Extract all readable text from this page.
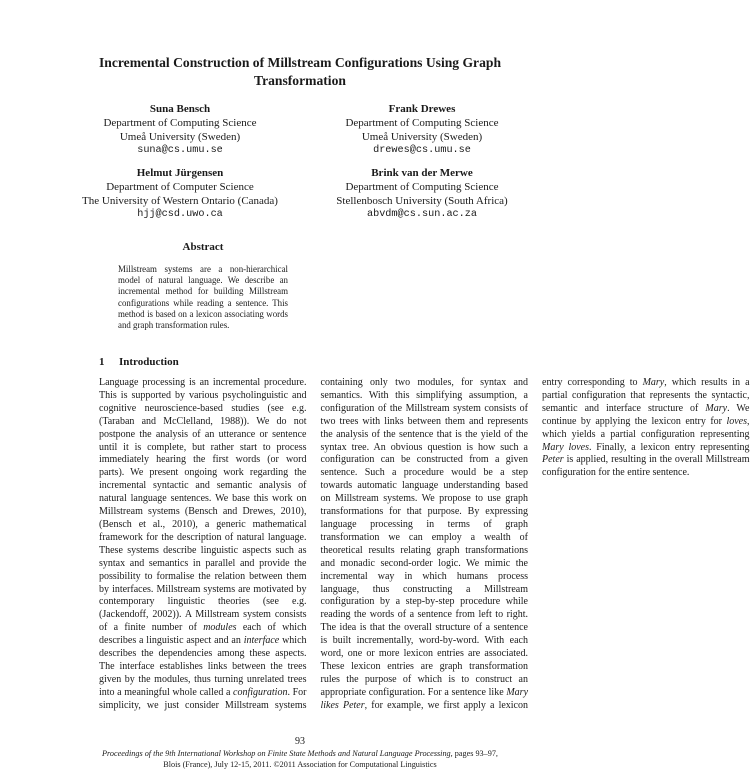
Incremental Construction of Millstream Configurations Using Graph
Transformation
Suna Bensch
Department of Computing Science
Umeå University (Sweden)
suna@cs.umu.se
Frank Drewes
Department of Computing Science
Umeå University (Sweden)
drewes@cs.umu.se
Helmut Jürgensen
Department of Computer Science
The University of Western Ontario (Canada)
hjj@csd.uwo.ca
Brink van der Merwe
Department of Computing Science
Stellenbosch University (South Africa)
abvdm@cs.sun.ac.za
Abstract
Millstream systems are a non-hierarchical model of natural language. We describe an incremental method for building Millstream configurations while reading a sentence. This method is based on a lexicon associating words and graph transformation rules.
1 Introduction

Language processing is an incremental procedure. This is supported by various psycholinguistic and cognitive neuroscience-based studies (see e.g. (Taraban and McClelland, 1988)). We do not postpone the analysis of an utterance or sentence until it is complete, but rather start to process immediately hearing the first words (or word parts). We present ongoing work regarding the incremental syntactic and semantic analysis of natural language sentences. We base this work on Millstream systems (Bensch and Drewes, 2010), (Bensch et al., 2010), a generic mathematical framework for the description of natural language. These systems describe linguistic aspects such as syntax and semantics in parallel and provide the possibility to formalise the relation between them by interfaces. Millstream systems are motivated by contemporary linguistic theories (see e.g. (Jackendoff, 2002)). A Millstream system consists of a finite number of modules each of which describes a linguistic aspect and an interface which describes the dependencies among these aspects. The interface establishes links between the trees given by the modules, thus turning unrelated trees into a meaningful whole called a configuration. For simplicity, we just consider Millstream systems containing only two modules, for syntax and semantics. With this simplifying assumption, a configuration of the Millstream system consists of two trees with links between them and represents the analysis of the sentence that is the yield of the syntax tree. An obvious question is how such a configuration can be constructed from a given sentence. Such a procedure would be a step towards automatic language understanding based on Millstream systems. We propose to use graph transformations for that purpose. By expressing language processing in terms of graph transformation we can employ a wealth of theoretical results relating graph transformations and monadic second-order logic. We mimic the incremental way in which humans process language, thus constructing a Millstream configuration by a step-by-step procedure while reading the words of a sentence from left to right. The idea is that the overall structure of a sentence is built incrementally, word-by-word. With each word, one or more lexicon entries are associated. These lexicon entries are graph transformation rules the purpose of which is to construct an appropriate configuration. For a sentence like Mary likes Peter, for example, we first apply a lexicon entry corresponding to Mary, which results in a partial configuration that represents the syntactic, semantic and interface structure of Mary. We continue by applying the lexicon entry for loves, which yields a partial configuration representing Mary loves. Finally, a lexicon entry representing Peter is applied, resulting in the overall Millstream configuration for the entire sentence.

93
Proceedings of the 9th International Workshop on Finite State Methods and Natural Language Processing, pages 93–97,
Blois (France), July 12-15, 2011. ©2011 Association for Computational Linguistics
